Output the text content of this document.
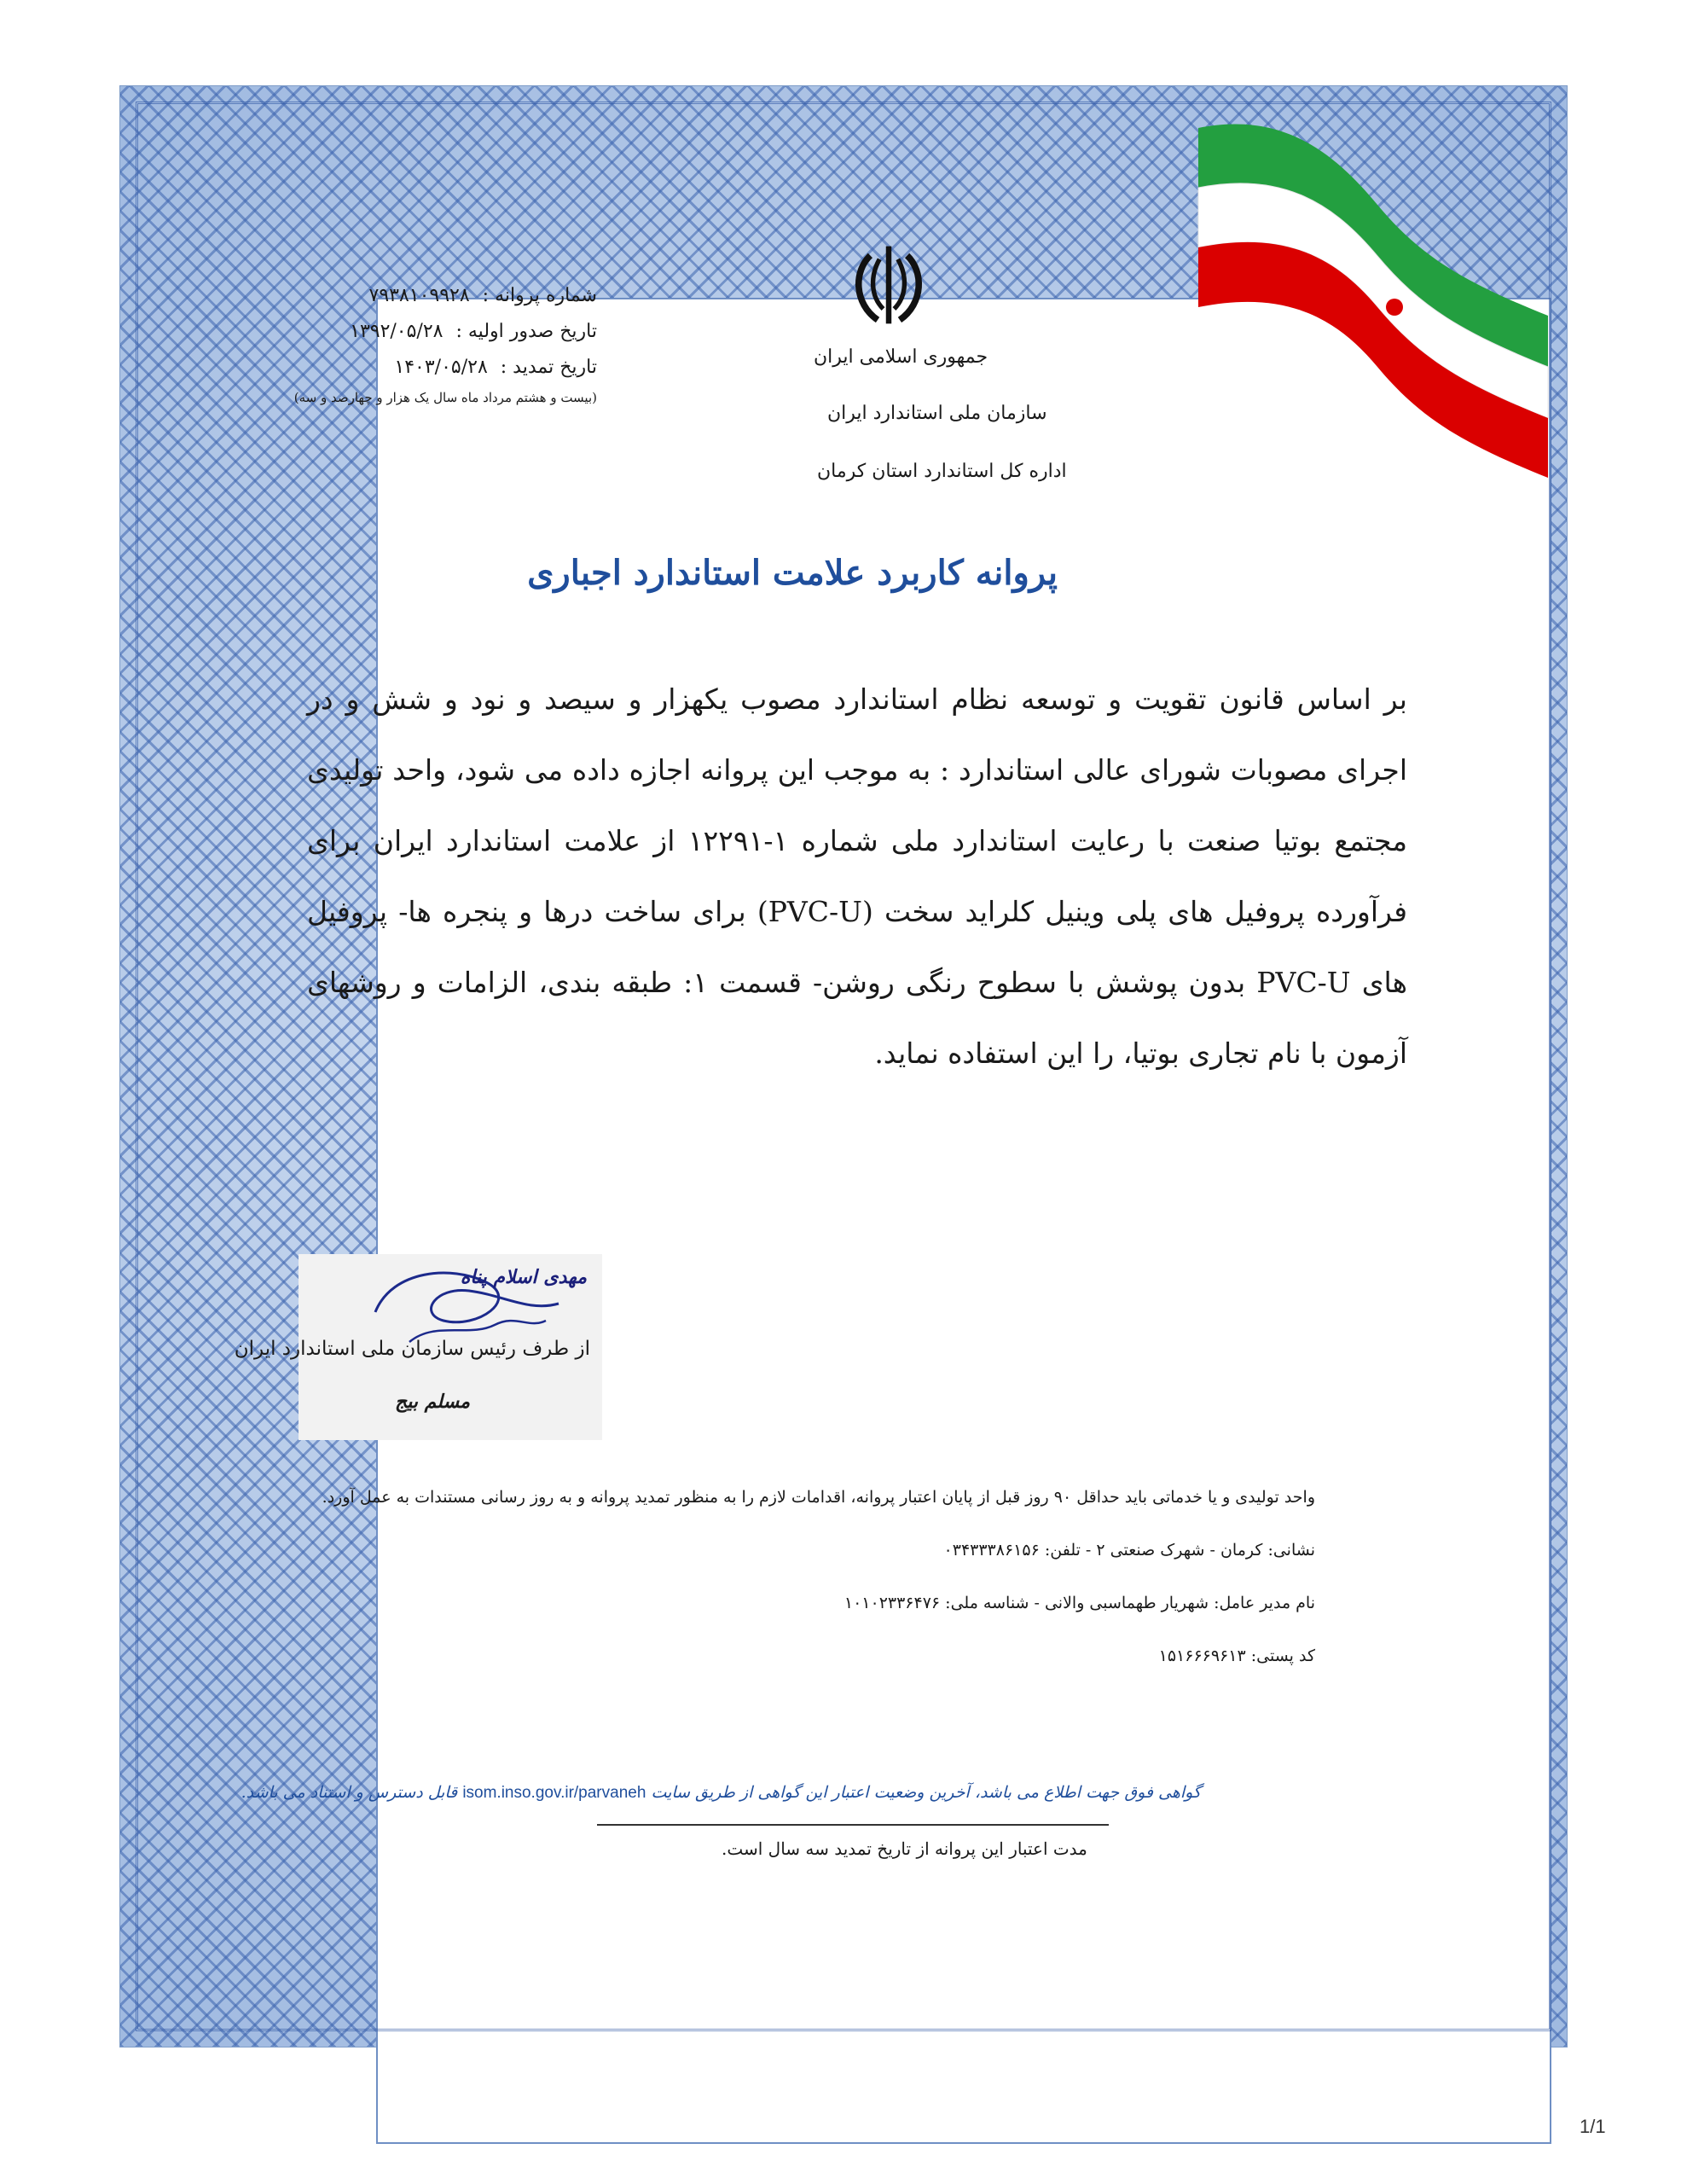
جمهوری اسلامی ایران
سازمان ملی استاندارد ایران
اداره کل استاندارد استان کرمان
شماره پروانه : ۷۹۳۸۱۰۹۹۲۸
تاریخ صدور اولیه : ۱۳۹۲/۰۵/۲۸
تاریخ تمدید : ۱۴۰۳/۰۵/۲۸
(بیست و هشتم مرداد ماه سال یک هزار و چهارصد و سه)
پروانه کاربرد علامت استاندارد اجباری
بر اساس قانون تقویت و توسعه نظام استاندارد مصوب یکهزار و سیصد و نود و شش و در اجرای مصوبات شورای عالی استاندارد : به موجب این پروانه اجازه داده می شود، واحد تولیدی مجتمع بوتیا صنعت با رعایت استاندارد ملی شماره ۱-۱۲۲۹۱ از علامت استاندارد ایران برای فرآورده پروفیل های پلی وینیل کلراید سخت (PVC-U) برای ساخت درها و پنجره ها- پروفیل های PVC-U بدون پوشش با سطوح رنگی روشن- قسمت ۱: طبقه بندی، الزامات و روشهای آزمون با نام تجاری بوتیا، را این استفاده نماید.
مهدی اسلام پناه
از طرف رئیس سازمان ملی استاندارد ایران
مسلم بیج
واحد تولیدی و یا خدماتی باید حداقل ۹۰ روز قبل از پایان اعتبار پروانه، اقدامات لازم را به منظور تمدید پروانه و به روز رسانی مستندات به عمل آورد.
نشانی: کرمان - شهرک صنعتی ۲ - تلفن: ۰۳۴۳۳۳۸۶۱۵۶
نام مدیر عامل: شهریار طهماسبی والانی - شناسه ملی: ۱۰۱۰۲۳۳۶۴۷۶
کد پستی: ۱۵۱۶۶۶۹۶۱۳
گواهی فوق جهت اطلاع می باشد، آخرین وضعیت اعتبار این گواهی از طریق سایت isom.inso.gov.ir/parvaneh قابل دسترس و استناد می باشد.
مدت اعتبار این پروانه از تاریخ تمدید سه سال است.
1/1
